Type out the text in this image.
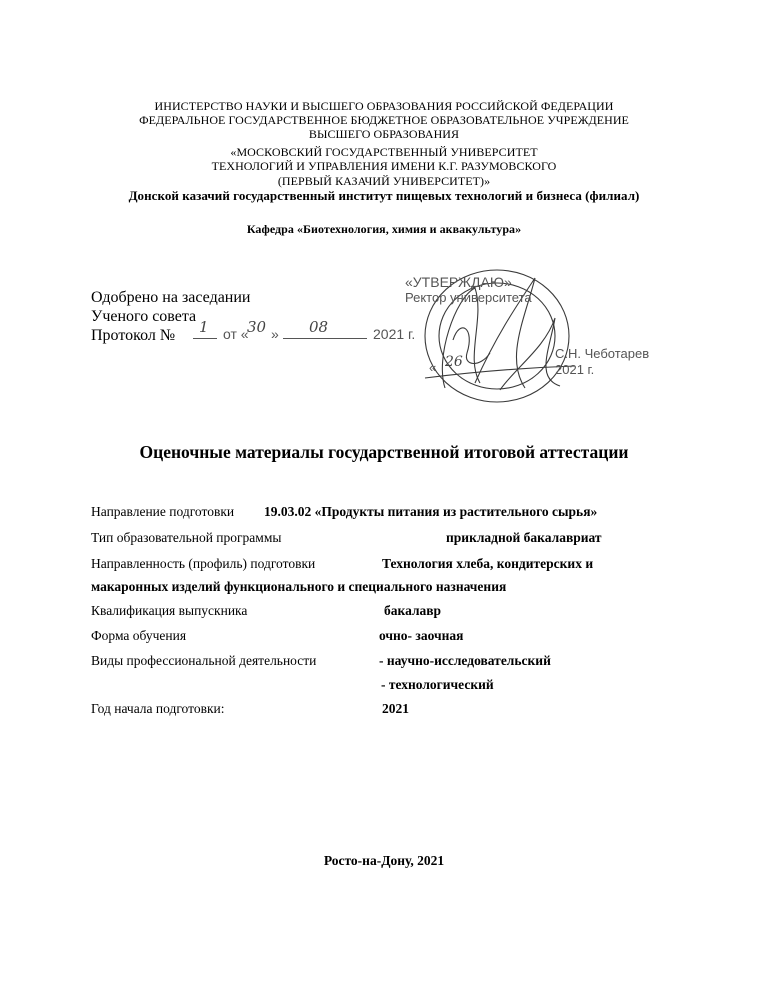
ИНИСТЕРСТВО НАУКИ И ВЫСШЕГО ОБРАЗОВАНИЯ РОССИЙСКОЙ ФЕДЕРАЦИИ
ФЕДЕРАЛЬНОЕ ГОСУДАРСТВЕННОЕ БЮДЖЕТНОЕ ОБРАЗОВАТЕЛЬНОЕ УЧРЕЖДЕНИЕ
ВЫСШЕГО ОБРАЗОВАНИЯ
«МОСКОВСКИЙ ГОСУДАРСТВЕННЫЙ УНИВЕРСИТЕТ
ТЕХНОЛОГИЙ И УПРАВЛЕНИЯ ИМЕНИ К.Г. РАЗУМОВСКОГО
(ПЕРВЫЙ КАЗАЧИЙ УНИВЕРСИТЕТ)»
Донской казачий государственный институт пищевых технологий и бизнеса (филиал)
Кафедра «Биотехнология, химия и аквакультура»
Одобрено на заседании
Ученого совета
Протокол № 1 от «
30 » 08	2021 г.
«УТВЕРЖДАЮ»
Ректор университета
С.Н. Чеботарев
« 26	2021 г.
Оценочные материалы государственной итоговой аттестации
Направление подготовки 19.03.02 «Продукты питания из растительного сырья»
Тип образовательной программы	прикладной бакалавриат
Направленность (профиль) подготовки	Технология хлеба, кондитерских и
макаронных изделий функционального и специального назначения
Квалификация выпускника	бакалавр
Форма обучения	очно- заочная
Виды профессиональной деятельности	- научно-исследовательский
- технологический
Год начала подготовки:	2021
Росто-на-Дону, 2021
